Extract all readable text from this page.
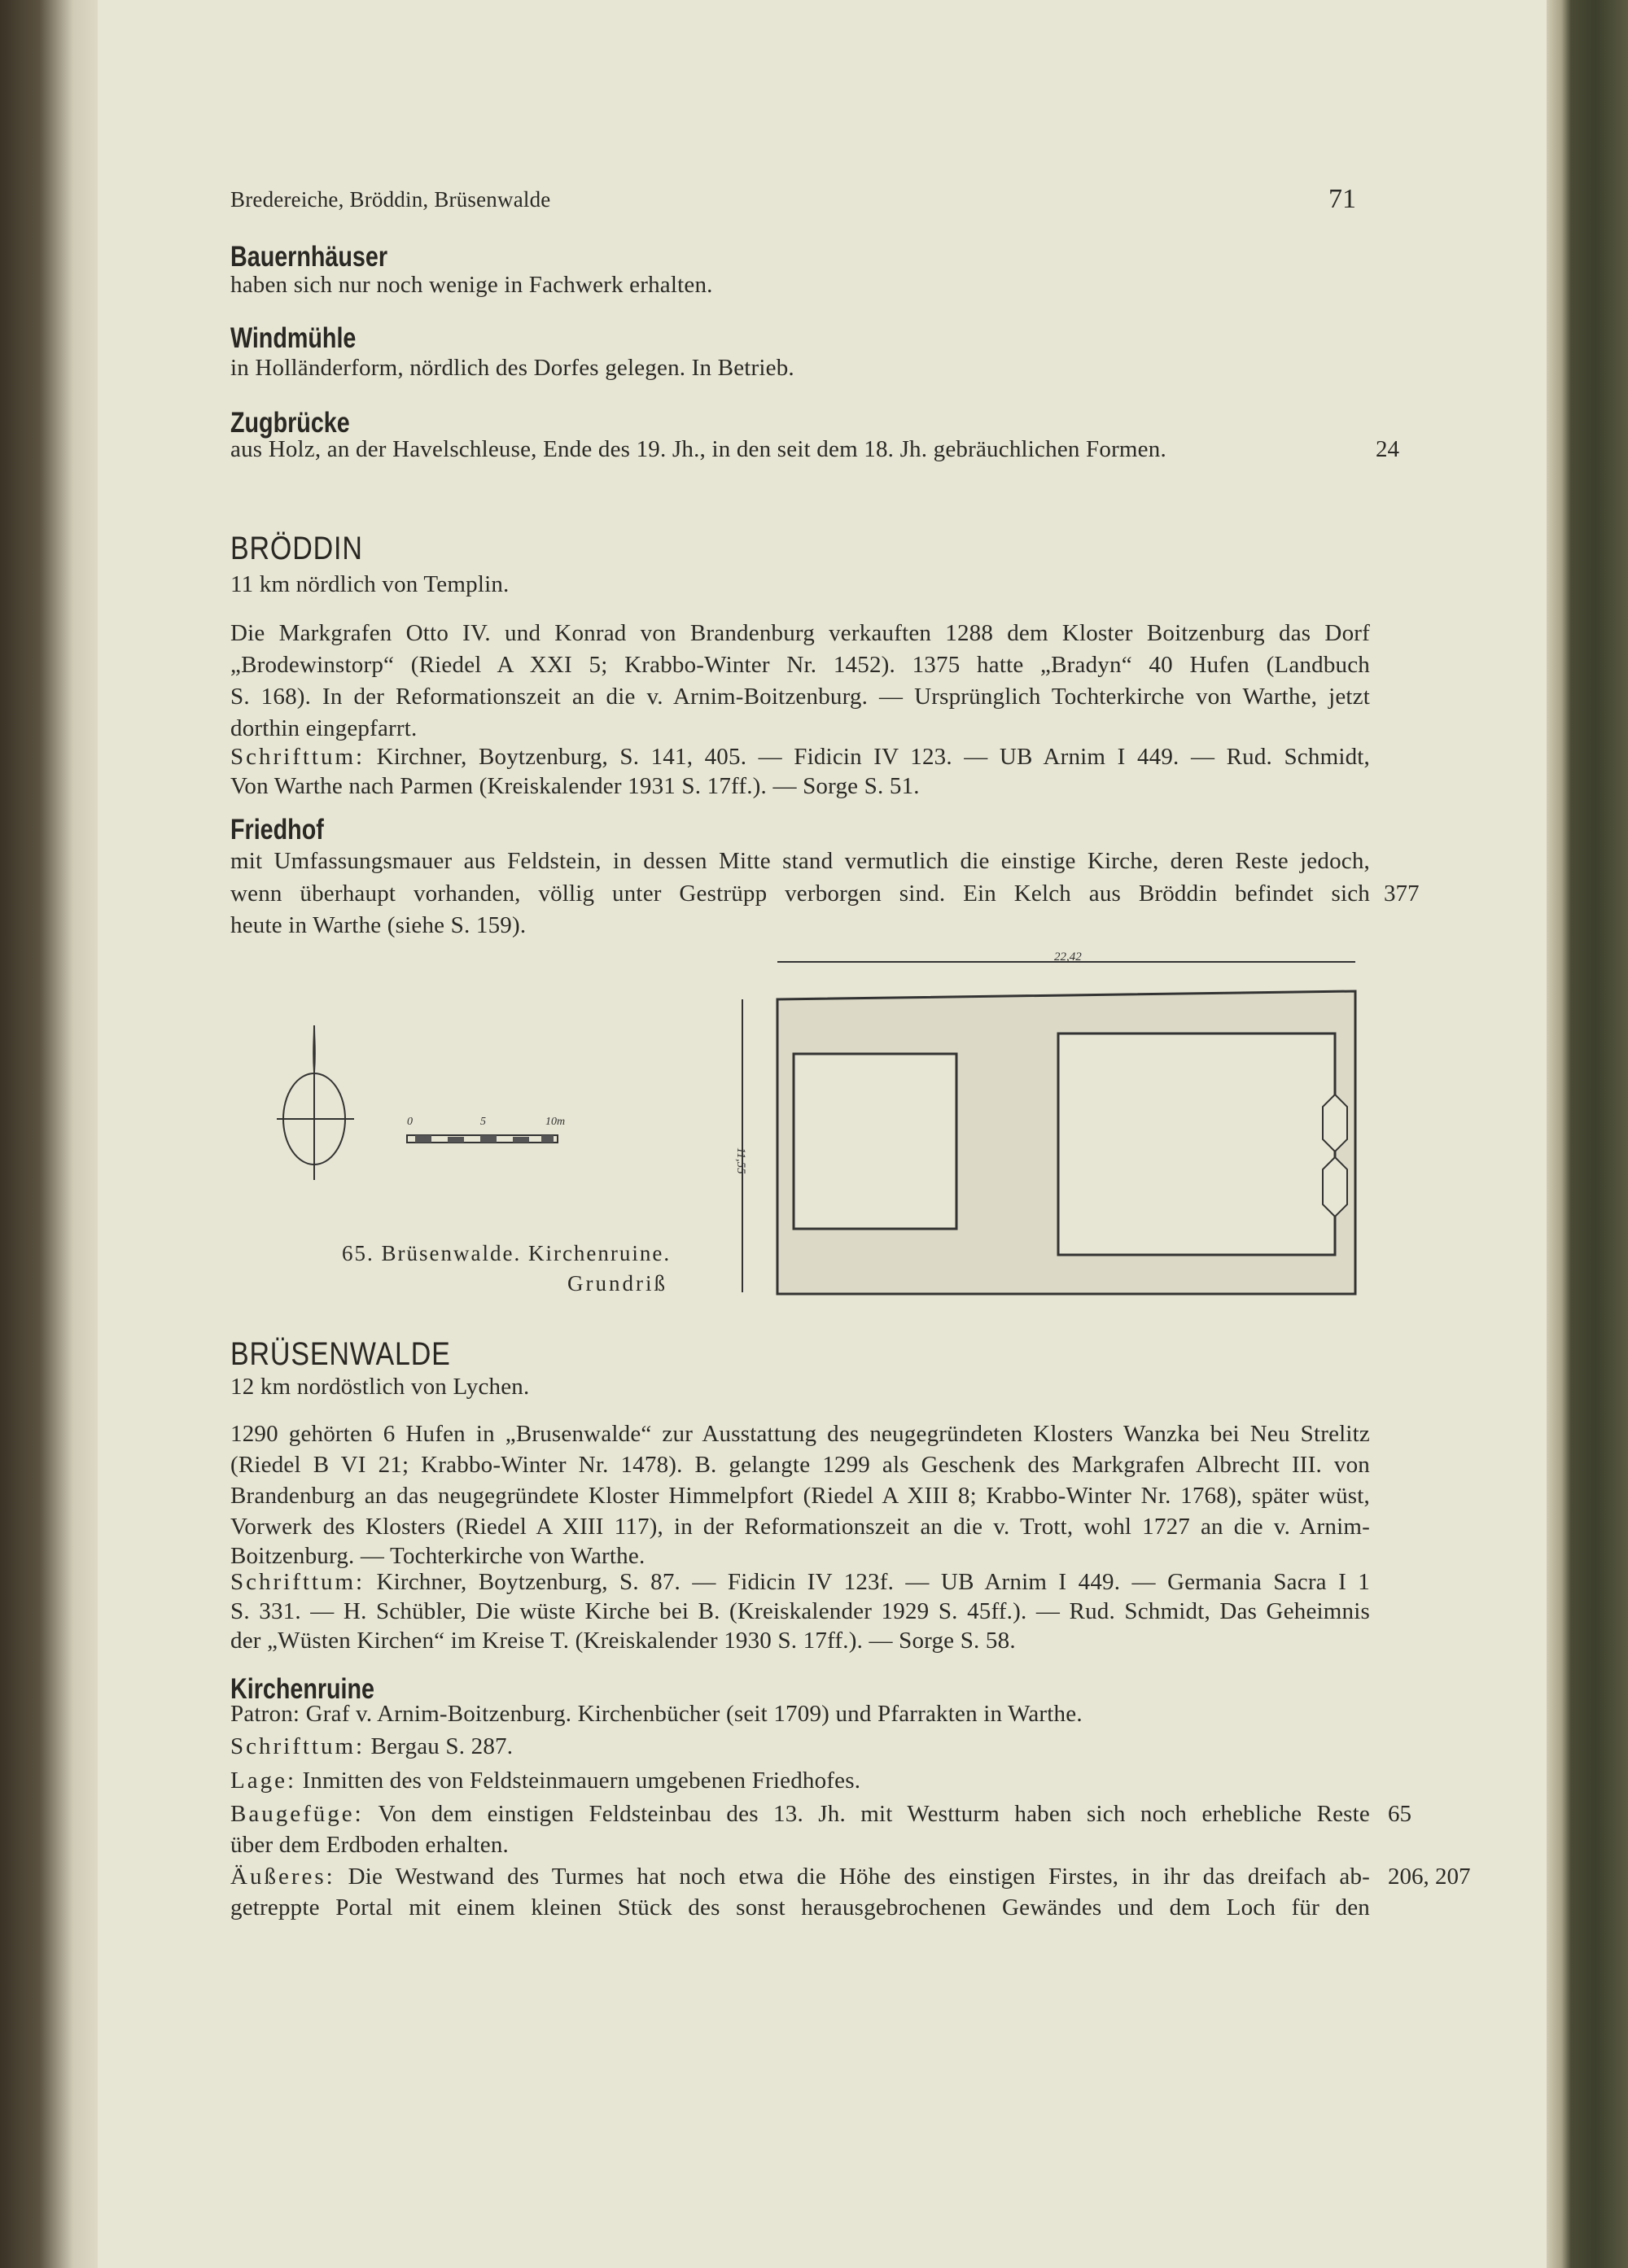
Bredereiche, Bröddin, Brüsenwalde	71
Bauernhäuser
haben sich nur noch wenige in Fachwerk erhalten.
Windmühle
in Holländerform, nördlich des Dorfes gelegen. In Betrieb.
Zugbrücke
aus Holz, an der Havelschleuse, Ende des 19. Jh., in den seit dem 18. Jh. gebräuchlichen Formen.	24
BRÖDDIN
11 km nördlich von Templin.
Die Markgrafen Otto IV. und Konrad von Brandenburg verkauften 1288 dem Kloster Boitzenburg das Dorf
„Brodewinstorp“ (Riedel A XXI 5; Krabbo-Winter Nr. 1452). 1375 hatte „Bradyn“ 40 Hufen (Landbuch
S. 168). In der Reformationszeit an die v. Arnim-Boitzenburg. — Ursprünglich Tochterkirche von Warthe, jetzt
dorthin eingepfarrt.
Schrifttum: Kirchner, Boytzenburg, S. 141, 405. — Fidicin IV 123. — UB Arnim I 449. — Rud. Schmidt,
Von Warthe nach Parmen (Kreiskalender 1931 S. 17ff.). — Sorge S. 51.
Friedhof
mit Umfassungsmauer aus Feldstein, in dessen Mitte stand vermutlich die einstige Kirche, deren Reste jedoch,
wenn überhaupt vorhanden, völlig unter Gestrüpp verborgen sind. Ein Kelch aus Bröddin befindet sich
heute in Warthe (siehe S. 159).
377
0	5	10m
22,42
11,55
65. Brüsenwalde. Kirchenruine.
Grundriß
BRÜSENWALDE
12 km nordöstlich von Lychen.
1290 gehörten 6 Hufen in „Brusenwalde“ zur Ausstattung des neugegründeten Klosters Wanzka bei Neu Strelitz
(Riedel B VI 21; Krabbo-Winter Nr. 1478). B. gelangte 1299 als Geschenk des Markgrafen Albrecht III. von
Brandenburg an das neugegründete Kloster Himmelpfort (Riedel A XIII 8; Krabbo-Winter Nr. 1768), später wüst,
Vorwerk des Klosters (Riedel A XIII 117), in der Reformationszeit an die v. Trott, wohl 1727 an die v. Arnim-
Boitzenburg. — Tochterkirche von Warthe.
Schrifttum: Kirchner, Boytzenburg, S. 87. — Fidicin IV 123f. — UB Arnim I 449. — Germania Sacra I 1
S. 331. — H. Schübler, Die wüste Kirche bei B. (Kreiskalender 1929 S. 45ff.). — Rud. Schmidt, Das Geheimnis
der „Wüsten Kirchen“ im Kreise T. (Kreiskalender 1930 S. 17ff.). — Sorge S. 58.
Kirchenruine
Patron: Graf v. Arnim-Boitzenburg. Kirchenbücher (seit 1709) und Pfarrakten in Warthe.
Schrifttum: Bergau S. 287.
Lage: Inmitten des von Feldsteinmauern umgebenen Friedhofes.
Baugefüge: Von dem einstigen Feldsteinbau des 13. Jh. mit Westturm haben sich noch erhebliche Reste
über dem Erdboden erhalten.
65
Äußeres: Die Westwand des Turmes hat noch etwa die Höhe des einstigen Firstes, in ihr das dreifach ab-
getreppte Portal mit einem kleinen Stück des sonst herausgebrochenen Gewändes und dem Loch für den
206, 207
